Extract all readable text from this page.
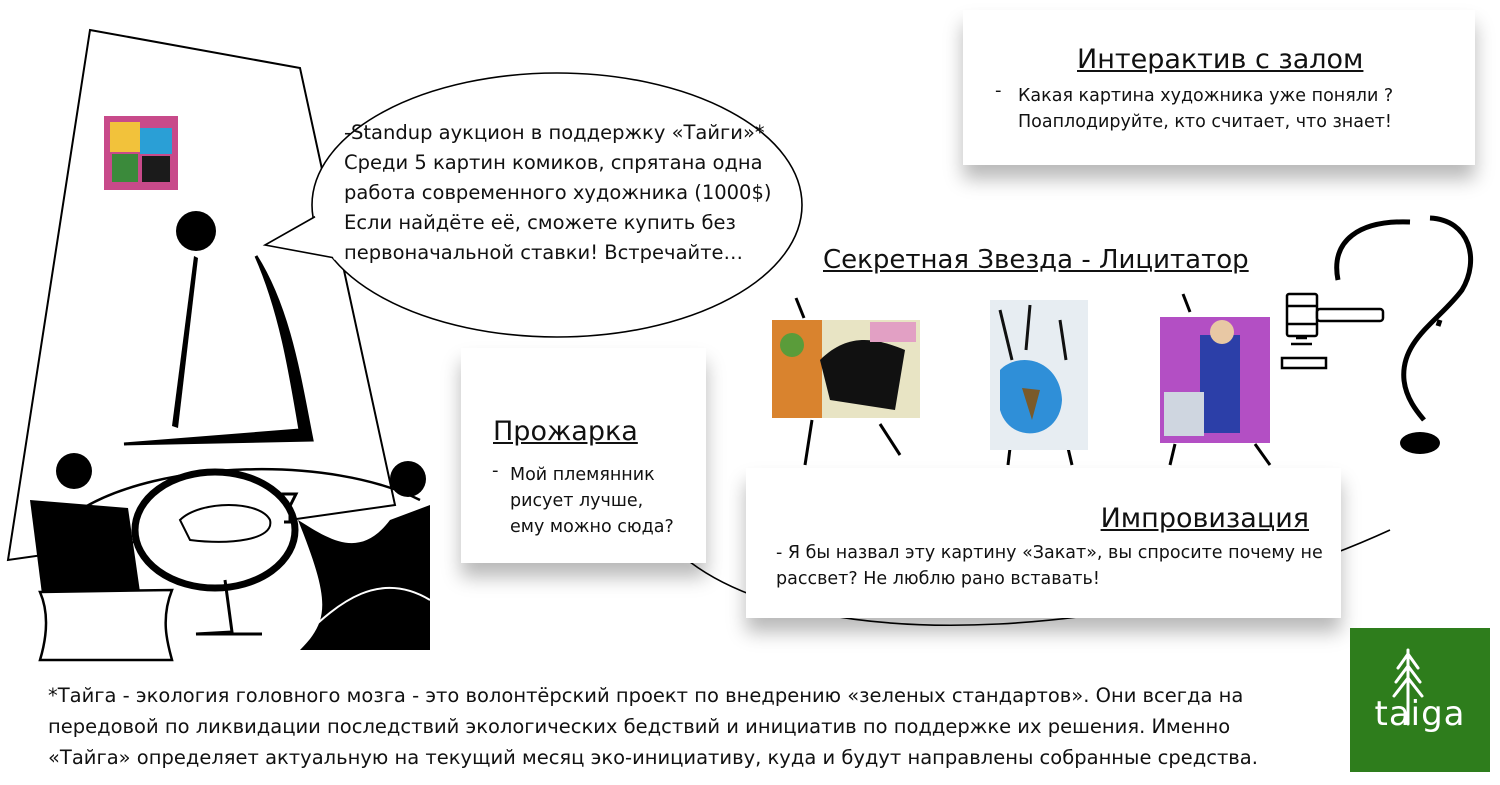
-Standup аукцион в поддержку «Тайги»*
Среди 5 картин комиков, спрятана одна
работа современного художника (1000$)
Если найдёте её, сможете купить без
первоначальной ставки! Встречайте…
Интерактив с залом
- Какая картина художника уже поняли ?
Поаплодируйте, кто считает, что знает!
Секретная Звезда - Лицитатор
Прожарка
- Мой племянник
рисует лучше,
ему можно сюда?	Импровизация
- Я бы назвал эту картину «Закат», вы спросите почему не
рассвет? Не люблю рано вставать!
*Тайга - экология головного мозга - это волонтёрский проект по внедрению «зеленых стандартов». Они всегда на
передовой по ликвидации последствий экологических бедствий и инициатив по поддержке их решения. Именно
«Тайга» определяет актуальную на текущий месяц эко-инициативу, куда и будут направлены собранные средства.
taiga
